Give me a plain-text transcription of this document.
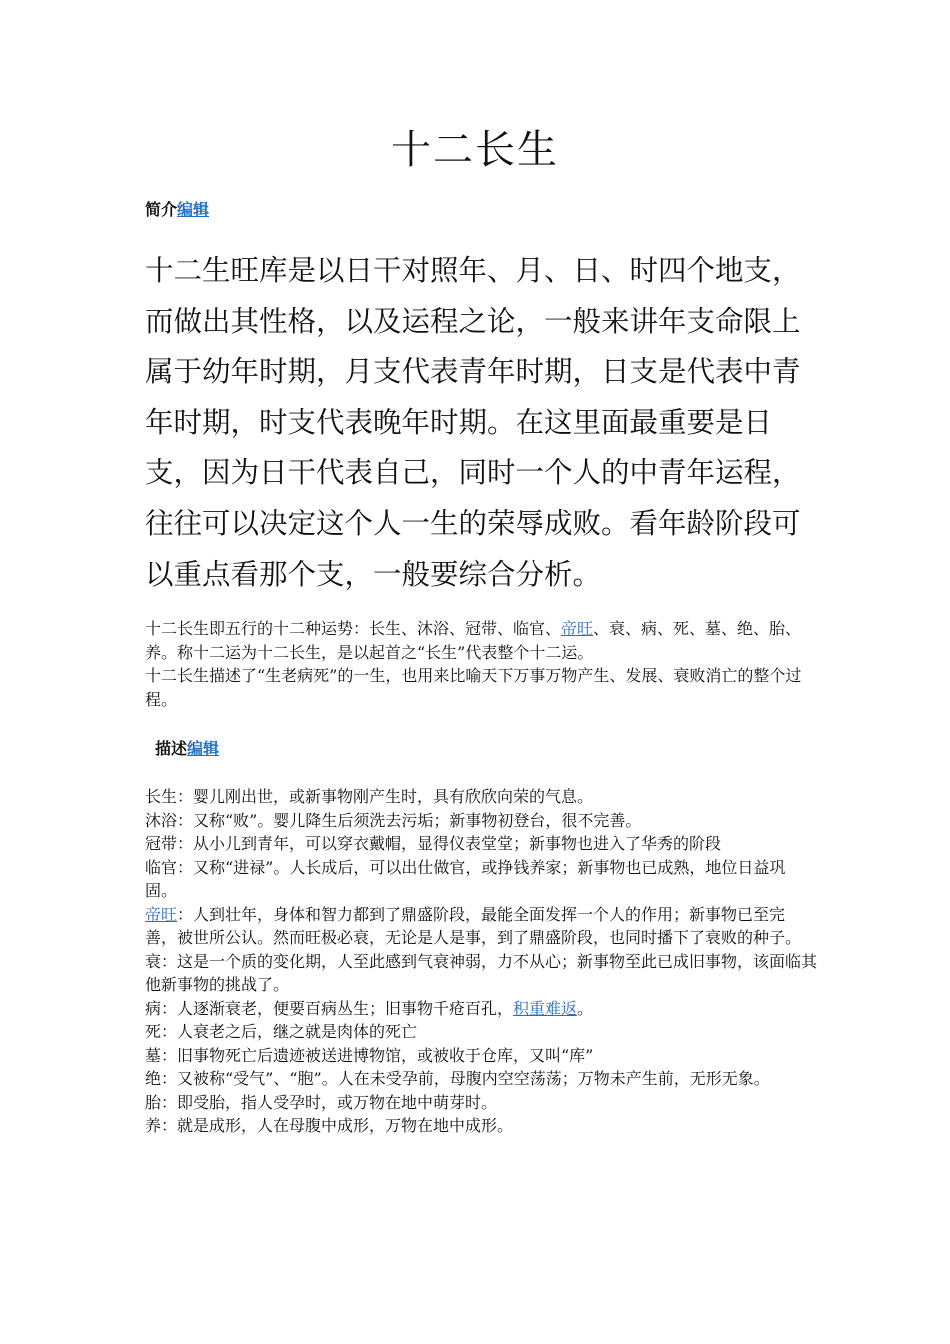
十二长生
简介编辑

十二生旺库是以日干对照年、月、日、时四个地支，而做出其性格，以及运程之论，一般来讲年支命限上属于幼年时期，月支代表青年时期，日支是代表中青年时期，时支代表晚年时期。在这里面最重要是日支，因为日干代表自己，同时一个人的中青年运程，往往可以决定这个人一生的荣辱成败。看年龄阶段可以重点看那个支，一般要综合分析。

十二长生即五行的十二种运势：长生、沐浴、冠带、临官、帝旺、衰、病、死、墓、绝、胎、养。称十二运为十二长生，是以起首之“长生”代表整个十二运。

十二长生描述了“生老病死”的一生，也用来比喻天下万事万物产生、发展、衰败消亡的整个过程。

描述编辑

长生：婴儿刚出世，或新事物刚产生时，具有欣欣向荣的气息。

沐浴：又称“败”。婴儿降生后须洗去污垢；新事物初登台，很不完善。

冠带：从小儿到青年，可以穿衣戴帽，显得仪表堂堂；新事物也进入了华秀的阶段

临官：又称“进禄”。人长成后，可以出仕做官，或挣钱养家；新事物也已成熟，地位日益巩固。

帝旺：人到壮年，身体和智力都到了鼎盛阶段，最能全面发挥一个人的作用；新事物已至完善，被世所公认。然而旺极必衰，无论是人是事，到了鼎盛阶段，也同时播下了衰败的种子。

衰：这是一个质的变化期，人至此感到气衰神弱，力不从心；新事物至此已成旧事物，该面临其他新事物的挑战了。

病：人逐渐衰老，便要百病丛生；旧事物千疮百孔，积重难返。

死：人衰老之后，继之就是肉体的死亡

墓：旧事物死亡后遗迹被送进博物馆，或被收于仓库，又叫“库”

绝：又被称“受气”、“胞”。人在未受孕前，母腹内空空荡荡；万物未产生前，无形无象。

胎：即受胎，指人受孕时，或万物在地中萌芽时。

养：就是成形，人在母腹中成形，万物在地中成形。
